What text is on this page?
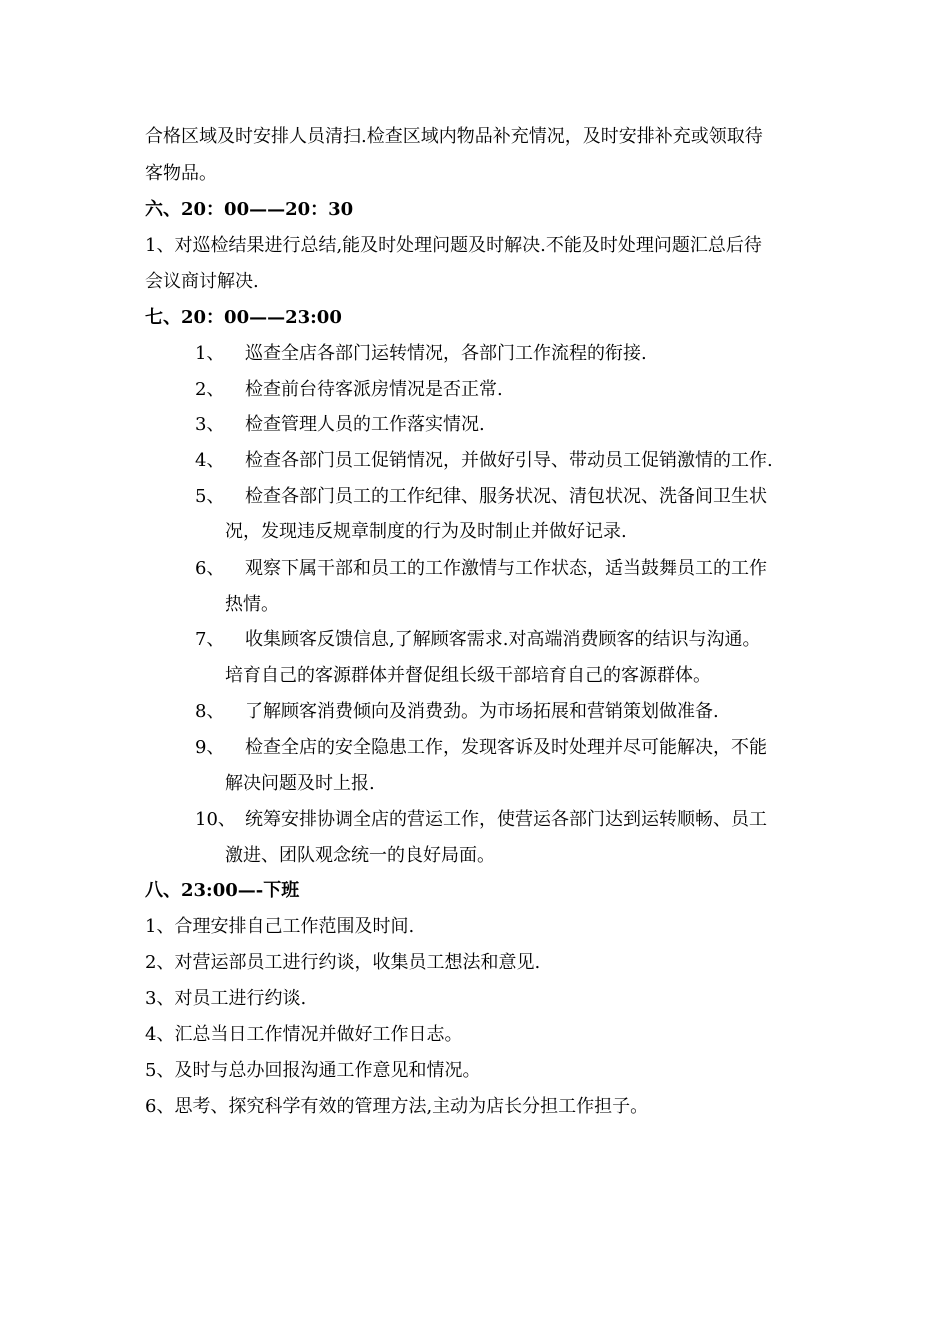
合格区域及时安排人员清扫.检查区域内物品补充情况，及时安排补充或领取待
客物品。
六、20：00——20：30
1、对巡检结果进行总结,能及时处理问题及时解决.不能及时处理问题汇总后待
会议商讨解决.
七、20：00——23:00
1、 巡查全店各部门运转情况，各部门工作流程的衔接.
2、 检查前台待客派房情况是否正常.
3、 检查管理人员的工作落实情况.
4、 检查各部门员工促销情况，并做好引导、带动员工促销激情的工作.
5、 检查各部门员工的工作纪律、服务状况、清包状况、洗备间卫生状
况，发现违反规章制度的行为及时制止并做好记录.
6、 观察下属干部和员工的工作激情与工作状态，适当鼓舞员工的工作
热情。
7、 收集顾客反馈信息,了解顾客需求.对高端消费顾客的结识与沟通。
培育自己的客源群体并督促组长级干部培育自己的客源群体。
8、 了解顾客消费倾向及消费劲。为市场拓展和营销策划做准备.
9、 检查全店的安全隐患工作，发现客诉及时处理并尽可能解决，不能
解决问题及时上报.
10、 统筹安排协调全店的营运工作，使营运各部门达到运转顺畅、员工
激进、团队观念统一的良好局面。
八、23:00—-下班
1、合理安排自己工作范围及时间.
2、对营运部员工进行约谈，收集员工想法和意见.
3、对员工进行约谈.
4、汇总当日工作情况并做好工作日志。
5、及时与总办回报沟通工作意见和情况。
6、思考、探究科学有效的管理方法,主动为店长分担工作担子。
